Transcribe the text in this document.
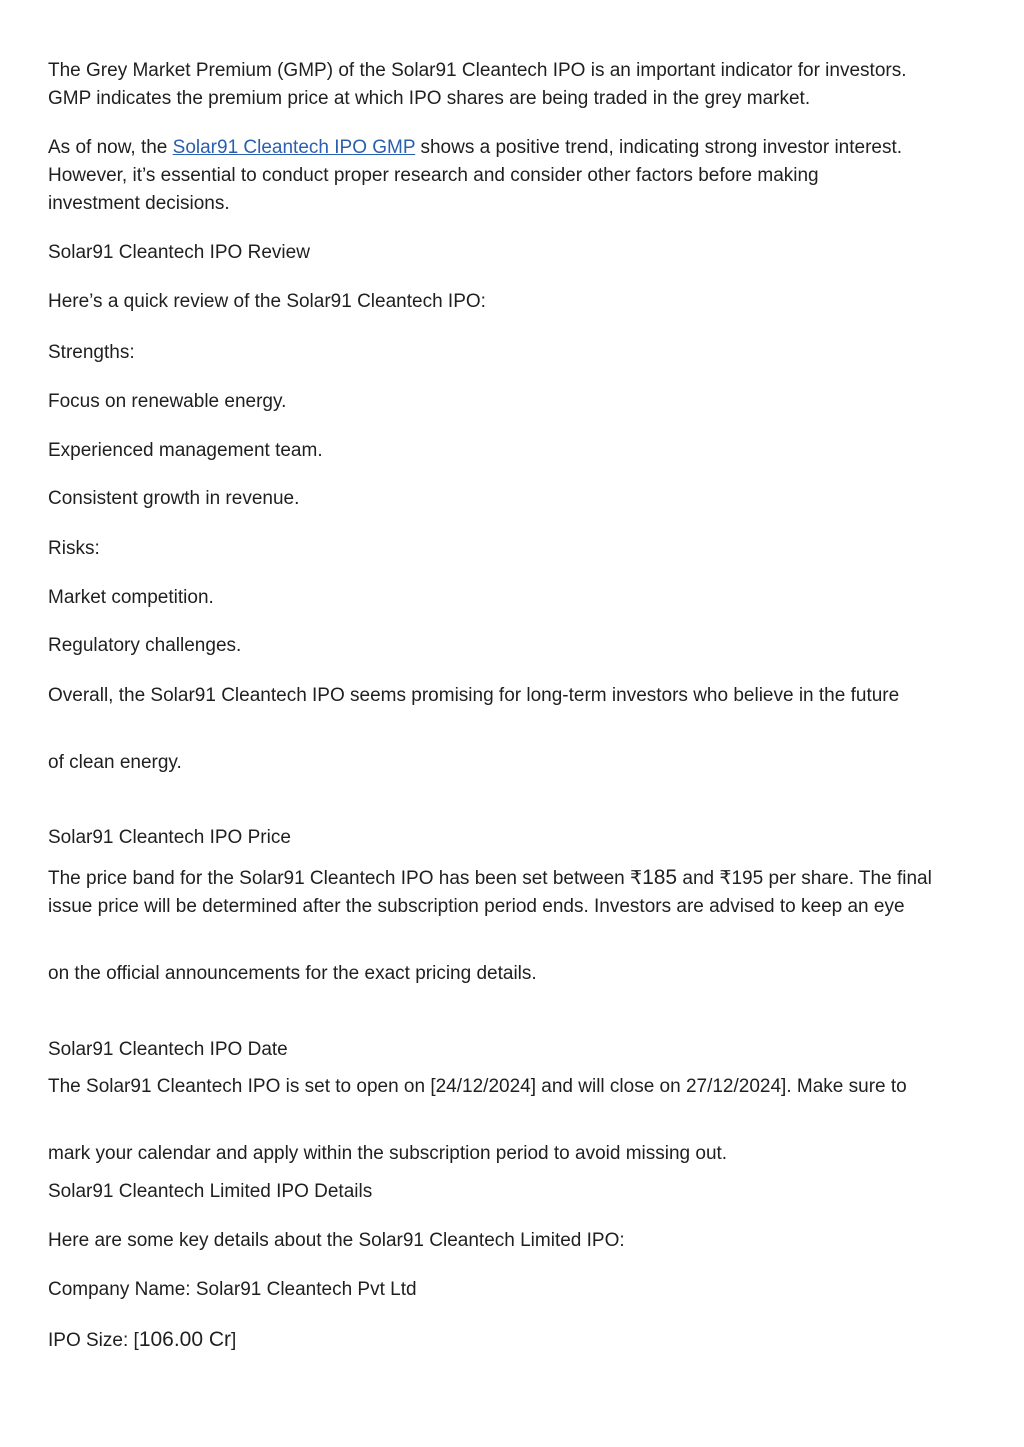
The Grey Market Premium (GMP) of the Solar91 Cleantech IPO is an important indicator for investors.

GMP indicates the premium price at which IPO shares are being traded in the grey market.

As of now, the Solar91 Cleantech IPO GMP shows a positive trend, indicating strong investor interest.

However, it’s essential to conduct proper research and consider other factors before making

investment decisions.

Solar91 Cleantech IPO Review

Here’s a quick review of the Solar91 Cleantech IPO:

Strengths:

Focus on renewable energy.

Experienced management team.

Consistent growth in revenue.

Risks:

Market competition.

Regulatory challenges.

Overall, the Solar91 Cleantech IPO seems promising for long-term investors who believe in the future

of clean energy.

Solar91 Cleantech IPO Price

The price band for the Solar91 Cleantech IPO has been set between ₹185 and ₹195 per share. The final

issue price will be determined after the subscription period ends. Investors are advised to keep an eye

on the official announcements for the exact pricing details.

Solar91 Cleantech IPO Date

The Solar91 Cleantech IPO is set to open on [24/12/2024] and will close on 27/12/2024]. Make sure to

mark your calendar and apply within the subscription period to avoid missing out.

Solar91 Cleantech Limited IPO Details

Here are some key details about the Solar91 Cleantech Limited IPO:

Company Name: Solar91 Cleantech Pvt Ltd

IPO Size: [106.00 Cr]
